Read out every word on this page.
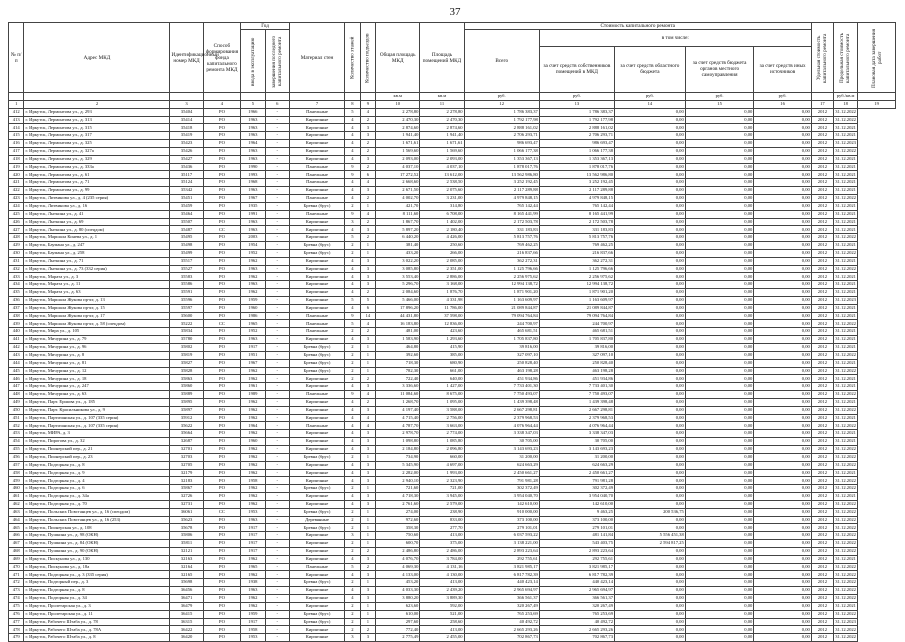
37
№ п/п	Адрес МКД	Идентификационный номер МКД	Способ формирования фонда капитального ремонта МКД	Год		Материал стен	Количество этажей	Количество подъездов	Общая площадь МКД	Площадь помещений МКД	Стоимость капитального ремонта					Удельная стоимость капитального ремонта	Предельная стоимость капитального ремонта	Плановая дата завершения работ
				ввода в эксплуатацию	завершения последнего капитального ремонта						Всего	в том числе:						
												за счет средств собственников помещений в МКД	за счет средств областного бюджета	за счет средств бюджета органов местного самоуправления	за счет средств иных источников			
									кв.м	кв.м	руб.	руб.	руб.	руб.	руб.		руб./кв.м	
1	2	3	4	5	6	7	8	9	10	11	12	13	14	15	16	17	18	19
412	г. Иркутск, Лермонтова ул., д. 293	35404	РО	1966	-	Панельные	5	4	2 278,80	2 278,80	1 786 383,37	1 786 383,37	0,00	0,00	0,00	2012	31.12.2022	
413	г. Иркутск, Лермонтова ул., д. 313	35414	РО	1963	-	Кирпичные	4	2	2 470,30	2 470,30	1 792 177,98	1 792 177,98	0,00	0,00	0,00	2012	31.12.2022	
414	г. Иркутск, Лермонтова ул., д. 315	35418	РО	1963	-	Кирпичные	4	3	2 874,60	2 874,60	2 888 161,02	2 888 161,02	0,00	0,00	0,00	2012	31.12.2021	
415	г. Иркутск, Лермонтова ул., д. 317	35419	РО	1963	-	Кирпичные	4	3	1 941,40	1 941,40	2 706 293,71	2 706 293,71	0,00	0,00	0,00	2012	31.12.2021	
416	г. Иркутск, Лермонтова ул., д. 325	35423	РО	1964	-	Кирпичные	4	2	1 671,61	1 671,61	986 693,47	986 693,47	0,00	0,00	0,00	2012	31.12.2023	
417	г. Иркутск, Лермонтова ул., д. 327а	35426	РО	1963	-	Кирпичные	4	2	1 569,60	1 569,60	1 066 177,38	1 066 177,38	0,00	0,00	0,00	2012	31.12.2022	
418	г. Иркутск, Лермонтова ул., д. 329	35427	РО	1963	-	Кирпичные	4	3	2 093,00	2 093,00	1 353 367,13	1 353 367,13	0,00	0,00	0,00	2012	31.12.2021	
419	г. Иркутск, Лермонтова ул., д. 333а	35436	РО	1990	-	Панельные	9	2	4 037,10	4 037,10	1 878 017,76	1 878 017,76	0,00	0,00	0,00	2012	31.12.2021	
420	г. Иркутск, Лермонтова ул., д. 61	35117	РО	1993	-	Панельные	9	6	17 272,52	13 612,00	13 562 986,80	13 562 986,80	0,00	0,00	0,00	2012	31.12.2021	
421	г. Иркутск, Лермонтова ул., д. 71	35124	РО	1968	-	Панельные	4	4	2 668,60	2 538,50	3 252 192,45	3 252 192,45	0,00	0,00	0,00	2012	31.12.2021	
422	г. Иркутск, Лермонтова ул., д. 99	35342	РО	1963	-	Кирпичные	4	3	2 671,50	2 075,60	2 117 289,88	2 117 289,88	0,00	0,00	0,00	2012	31.12.2021	
423	г. Иркутск, Литвинова ул., д. 4 (235 серия)	35451	РО	1967	-	Панельные	4	2	4 002,70	3 231,00	4 979 848,15	4 979 848,15	0,00	0,00	0,00	2012	31.12.2022	
424	г. Иркутск, Литвинова ул., д. 16	35459	РО	1935	-	Бревна (брус)	2	1	421,70	314,80	765 142,44	765 142,44	0,00	0,00	0,00	2012	31.12.2021	
425	г. Иркутск, Лыткина ул., д. 41	35464	РО	1991	-	Панельные	9	4	8 111,60	6 708,00	8 165 441,99	8 165 441,99	0,00	0,00	0,00	2012	31.12.2021	
426	г. Иркутск, Лыткина ул., д. 69	35507	РО	1963	-	Кирпичные	3	2	1 867,70	1 402,00	2 172 503,78	2 172 503,78	0,00	0,00	0,00	2012	31.12.2021	
427	г. Иркутск, Лыткина ул., д. 80 (спецдом)	35487	СС	1963	-	Кирпичные	4	3	5 897,20	2 180,40	331 183,83	331 183,83	0,00	0,00	0,00	2012	31.12.2021	
428	г. Иркутск, Маршала Конева ул., д. 1	35495	РО	2003	-	Кирпичные	5	2	6 440,20	4 426,00	5 813 757,76	5 813 757,76	0,00	0,00	0,00	2012	31.12.2022	
429	г. Иркутск, Баумана ул., д. 247	35498	РО	1954	-	Бревна (брус)	2	1	381,40	250,60	769 462,25	769 462,25	0,00	0,00	0,00	2012	31.12.2021	
430	г. Иркутск, Баумана ул., д. 258	35499	РО	1952	-	Бревна (брус)	2	1	433,20	266,00	216 837,66	216 837,66	0,00	0,00	0,00	2012	31.12.2022	
431	г. Иркутск, Лыткина ул., д. 71	35517	РО	1962	-	Кирпичные	4	3	3 022,20	2 085,00	362 272,31	362 272,31	0,00	0,00	0,00	2012	31.12.2021	
432	г. Иркутск, Лыткина ул., д. 73 (332 серия)	35527	РО	1963	-	Кирпичные	4	3	3 085,80	2 351,00	1 125 796,66	1 125 796,66	0,00	0,00	0,00	2012	31.12.2022	
433	г. Иркутск, Марата ул., д. 3	35583	РО	1962	-	Кирпичные	4	3	3 553,40	2 886,00	2 256 975,62	2 256 975,62	0,00	0,00	0,00	2012	31.12.2021	
434	г. Иркутск, Марата ул., д. 11	35586	РО	1963	-	Кирпичные	4	3	5 296,70	3 168,00	12 994 138,72	12 994 138,72	0,00	0,00	0,00	2012	31.12.2021	
435	г. Иркутск, Марата ул., д. 63	35591	РО	1962	-	Кирпичные	4	2	2 084,60	1 876,70	1 871 901,20	1 871 901,20	0,00	0,00	0,00	2012	31.12.2021	
436	г. Иркутск, Маршала Жукова пр-кт, д. 13	35596	РО	1959	-	Кирпичные	5	5	5 466,00	4 331,98	1 163 609,97	1 163 609,97	0,00	0,00	0,00	2012	31.12.2023	
437	г. Иркутск, Маршала Жукова пр-кт, д. 15	35597	РО	1960	-	Кирпичные	4	6	17 896,20	11 786,00	21 089 844,87	21 089 844,87	0,00	0,00	0,00	2012	31.12.2021	
438	г. Иркутск, Маршала Жукова пр-кт, д. 17	35600	РО	1986	-	Панельные	9	14	44 431,80	37 598,00	79 094 764,84	79 094 764,84	0,00	0,00	0,00	2012	31.12.2021	
439	г. Иркутск, Маршала Жукова пр-кт, д. 58 (спецдом)	35222	СС	1965	-	Панельные	5	4	16 183,80	12 836,00	244 700,97	244 700,97	0,00	0,00	0,00	2012	31.12.2022	
440	г. Иркутск, Мира ул., д. 105	35834	РО	1952	-	Панельные	2	2	481,00	423,60	465 681,51	465 681,51	0,00	0,00	0,00	2012	31.12.2021	
441	г. Иркутск, Мичурина ул., д. 79	35780	РО	1963	-	Кирпичные	4	3	1 583,90	1 293,60	1 705 837,80	1 705 837,80	0,00	0,00	0,00	2012	31.12.2021	
442	г. Иркутск, Мичурина ул., д. 96	35802	РО	1917	-	Бревна (брус)	2	1	464,80	415,90	39 816,00	39 816,00	0,00	0,00	0,00	2012	31.12.2021	
443	г. Иркутск, Мичурина ул., д. 8	35819	РО	1951	-	Бревна (брус)	2	1	392,60	385,00	327 097,10	327 097,10	0,00	0,00	0,00	2012	31.12.2022	
444	г. Иркутск, Мичурина ул., д. 81	35827	РО	1967	-	Бревна (брус)	2	1	718,30	680,90	250 828,40	250 828,40	0,00	0,00	0,00	2012	31.12.2021	
445	г. Иркутск, Мичурина ул., д. 12	35828	РО	1962	-	Бревна (брус)	2	1	782,30	661,00	463 198,28	463 198,28	0,00	0,00	0,00	2012	31.12.2022	
446	г. Иркутск, Мичурина ул., д. 18	35863	РО	1962	-	Кирпичные	2	2	722,40	640,00	451 934,86	451 934,86	0,00	0,00	0,00	2012	31.12.2021	
447	г. Иркутск, Мичурина ул., д. 247	35860	РО	1961	-	Кирпичные	4	3	3 336,60	1 427,00	7 733 401,30	7 733 401,30	0,00	0,00	0,00	2012	31.12.2021	
448	г. Иркутск, Мичурина ул., д. 63	35889	РО	1989	-	Панельные	9	4	11 084,60	8 675,00	7 750 493,07	7 750 493,07	0,00	0,00	0,00	2012	31.12.2022	
449	г. Иркутск, Парт. Ершова ул., д. 185	35895	РО	1962	-	Кирпичные	4	2	1 268,70	1 095,00	1 439 398,48	1 439 398,48	0,00	0,00	0,00	2012	31.12.2021	
450	г. Иркутск, Парт. Красильникова ул., д. 9	35897	РО	1962	-	Кирпичные	4	3	4 197,40	3 588,00	2 667 298,81	2 667 298,81	0,00	0,00	0,00	2012	31.12.2022	
451	г. Иркутск, Партизанская ул., д. 107 (335 серия)	35912	РО	1962	-	Кирпичные	4	4	4 715,40	2 756,00	2 379 968,53	2 379 968,53	0,00	0,00	0,00	2012	31.12.2021	
452	г. Иркутск, Партизанская ул., д. 107 (335 серия)	35622	РО	1964	-	Панельные	4	4	4 787,70	3 663,00	4 076 964,44	4 076 964,44	0,00	0,00	0,00	2012	31.12.2022	
453	г. Иркутск, МИРА, д. 3	35664	РО	1962	-	Кирпичные	4	3	2 978,70	2 774,00	3 338 347,03	3 338 347,03	0,00	0,00	0,00	2012	31.12.2021	
454	г. Иркутск, Пирогова ул., д. 32	32687	РО	1960	-	Кирпичные	4	3	1 098,80	1 085,80	30 705,00	30 705,00	0,00	0,00	0,00	2012	31.12.2021	
455	г. Иркутск, Пионерский пер., д. 21	32701	РО	1962	-	Кирпичные	4	3	2 184,80	2 096,80	3 143 693,23	3 143 693,23	0,00	0,00	0,00	2012	31.12.2022	
456	г. Иркутск, Пионерский пер., д. 23	32703	РО	1962	-	Бревна (брус)	2	1	734,90	660,00	31 200,00	31 200,00	0,00	0,00	0,00	2012	31.12.2022	
457	г. Иркутск, Подгорная ул., д. 8	32705	РО	1962	-	Кирпичные	4	3	5 345,90	4 697,00	624 663,29	624 663,29	0,00	0,00	0,00	2012	31.12.2022	
458	г. Иркутск, Подгорная ул., д. 9	32179	РО	1962	-	Кирпичные	4	3	2 282,00	1 993,00	2 450 661,27	2 450 661,27	0,00	0,00	0,00	2012	31.12.2021	
459	г. Иркутск, Подгорная ул., д. 4	32183	РО	1958	-	Кирпичные	4	3	2 940,10	2 323,90	791 981,28	791 981,28	0,00	0,00	0,00	2012	31.12.2022	
460	г. Иркутск, Подгорная ул., д. 6	35867	РО	1962	-	Бревна (брус)	2	1	721,60	721,00	302 372,49	302 372,49	0,00	0,00	0,00	2012	31.12.2022	
461	г. Иркутск, Подгорная ул., д. 34а	32726	РО	1962	-	Кирпичные	4	3	4 718,30	3 945,00	3 954 040,70	3 954 040,70	0,00	0,00	0,00	2012	31.12.2021	
462	г. Иркутск, Подгорная ул., д. 70	32731	РО	1962	-	Кирпичные	4	3	2 761,60	2 579,00	142 610,00	142 610,00	0,00	0,00	0,00	2012	31.12.2022	
463	г. Иркутск, Польских Повстанцев ул., д. 16 (спецдом)	36061	СС	1953	-	Бревна (брус)	2	1	274,00	238,90	910 000,00	9 463,25	200 536,75	0,00	0,00	2012	31.12.2022	
464	г. Иркутск, Польских Повстанцев ул., д. 16 (253)	35623	РО	1963	-	Деревянные	2	1	972,60	833,00	373 100,00	373 100,00	0,00	0,00	0,00	2012	31.12.2022	
465	г. Иркутск, Пионерская ул., д. 108	35678	РО	1917	-	Бревна (брус)	2	1	358,30	277,70	279 101,01	279 101,01	0,00	0,00	0,00	2012	31.12.2022	
466	г. Иркутск, Пушкина ул., д. 98 (ОКН)	35806	РО	1917	-	Кирпичные	3	1	750,60	413,00	6 037 593,22	481 141,84	5 556 451,38	0,00	0,00	2012	31.12.2022	
467	г. Иркутск, Пушкина ул., д. 84 (ОКН)	35811	РО	1917	-	Кирпичные	2	1	600,70	375,00	3 138 221,00	543 403,75	2 594 817,25	0,00	0,00	2012	31.12.2022	
468	г. Иркутск, Пушкина ул., д. 90 (ОКН)	32121	РО	1917	-	Кирпичные	2	2	2 486,80	2 486,00	2 893 223,64	2 893 223,64	0,00	0,00	0,00	2012	31.12.2022	
469	г. Иркутск, Пискунова ул., д. 130	32163	РО	1962	-	Кирпичные	4	3	4 076,70	3 784,00	292 755,61	292 755,61	0,00	0,00	0,00	2012	31.12.2021	
470	г. Иркутск, Пискунова ул., д. 18а	32164	РО	1965	-	Панельные	5	2	4 069,30	4 131,16	3 821 985,17	3 821 985,17	0,00	0,00	0,00	2012	31.12.2022	
471	г. Иркутск, Подгорная ул., д. 3 (335 серия)	32165	РО	1962	-	Кирпичные	4	3	4 133,00	4 130,00	6 817 782,39	6 817 782,39	0,00	0,00	0,00	2012	31.12.2022	
472	г. Иркутск, Подгорный пер., д. 3	35698	РО	1938	-	Бревна (брус)	2	1	453,20	413,00	440 423,14	440 423,14	0,00	0,00	0,00	2012	31.12.2022	
473	г. Иркутск, Подгорная ул., д. 8	36456	РО	1963	-	Кирпичные	4	3	4 033,30	2 439,20	2 965 694,97	2 965 694,97	0,00	0,00	0,00	2012	31.12.2022	
474	г. Иркутск, Подгорная ул., д. 34	36471	РО	1962	-	Кирпичные	4	3	3 880,20	3 889,30	366 561,37	366 561,37	0,00	0,00	0,00	2012	31.12.2022	
475	г. Иркутск, Пролетарская ул., д. 3	36479	РО	1962	-	Кирпичные	2	1	623,60	592,00	320 267,49	320 267,49	0,00	0,00	0,00	2012	31.12.2021	
476	г. Иркутск, Пролетарская ул., д. 11	36415	РО	1959	-	Бревна (брус)	2	1	610,00	521,00	765 253,69	765 253,69	0,00	0,00	0,00	2012	31.12.2022	
477	г. Иркутск, Рабочего Штаба ул., д. 78	36315	РО	1917	-	Бревна (брус)	2	1	297,60	258,60	40 492,72	40 492,72	0,00	0,00	0,00	2012	31.12.2023	
478	г. Иркутск, Рабочего Штаба ул., д. 78А	36422	РО	1958	-	Кирпичные	2	2	772,40	413,00	2 665 293,26	2 665 293,26	0,00	0,00	0,00	2012	31.12.2022	
479	г. Иркутск, Рабочего Штаба ул., д. 8	36420	РО	1953	-	Кирпичные	3	3	2 775,49	2 455,00	702 867,73	702 867,73	0,00	0,00	0,00	2012	31.12.2022	
